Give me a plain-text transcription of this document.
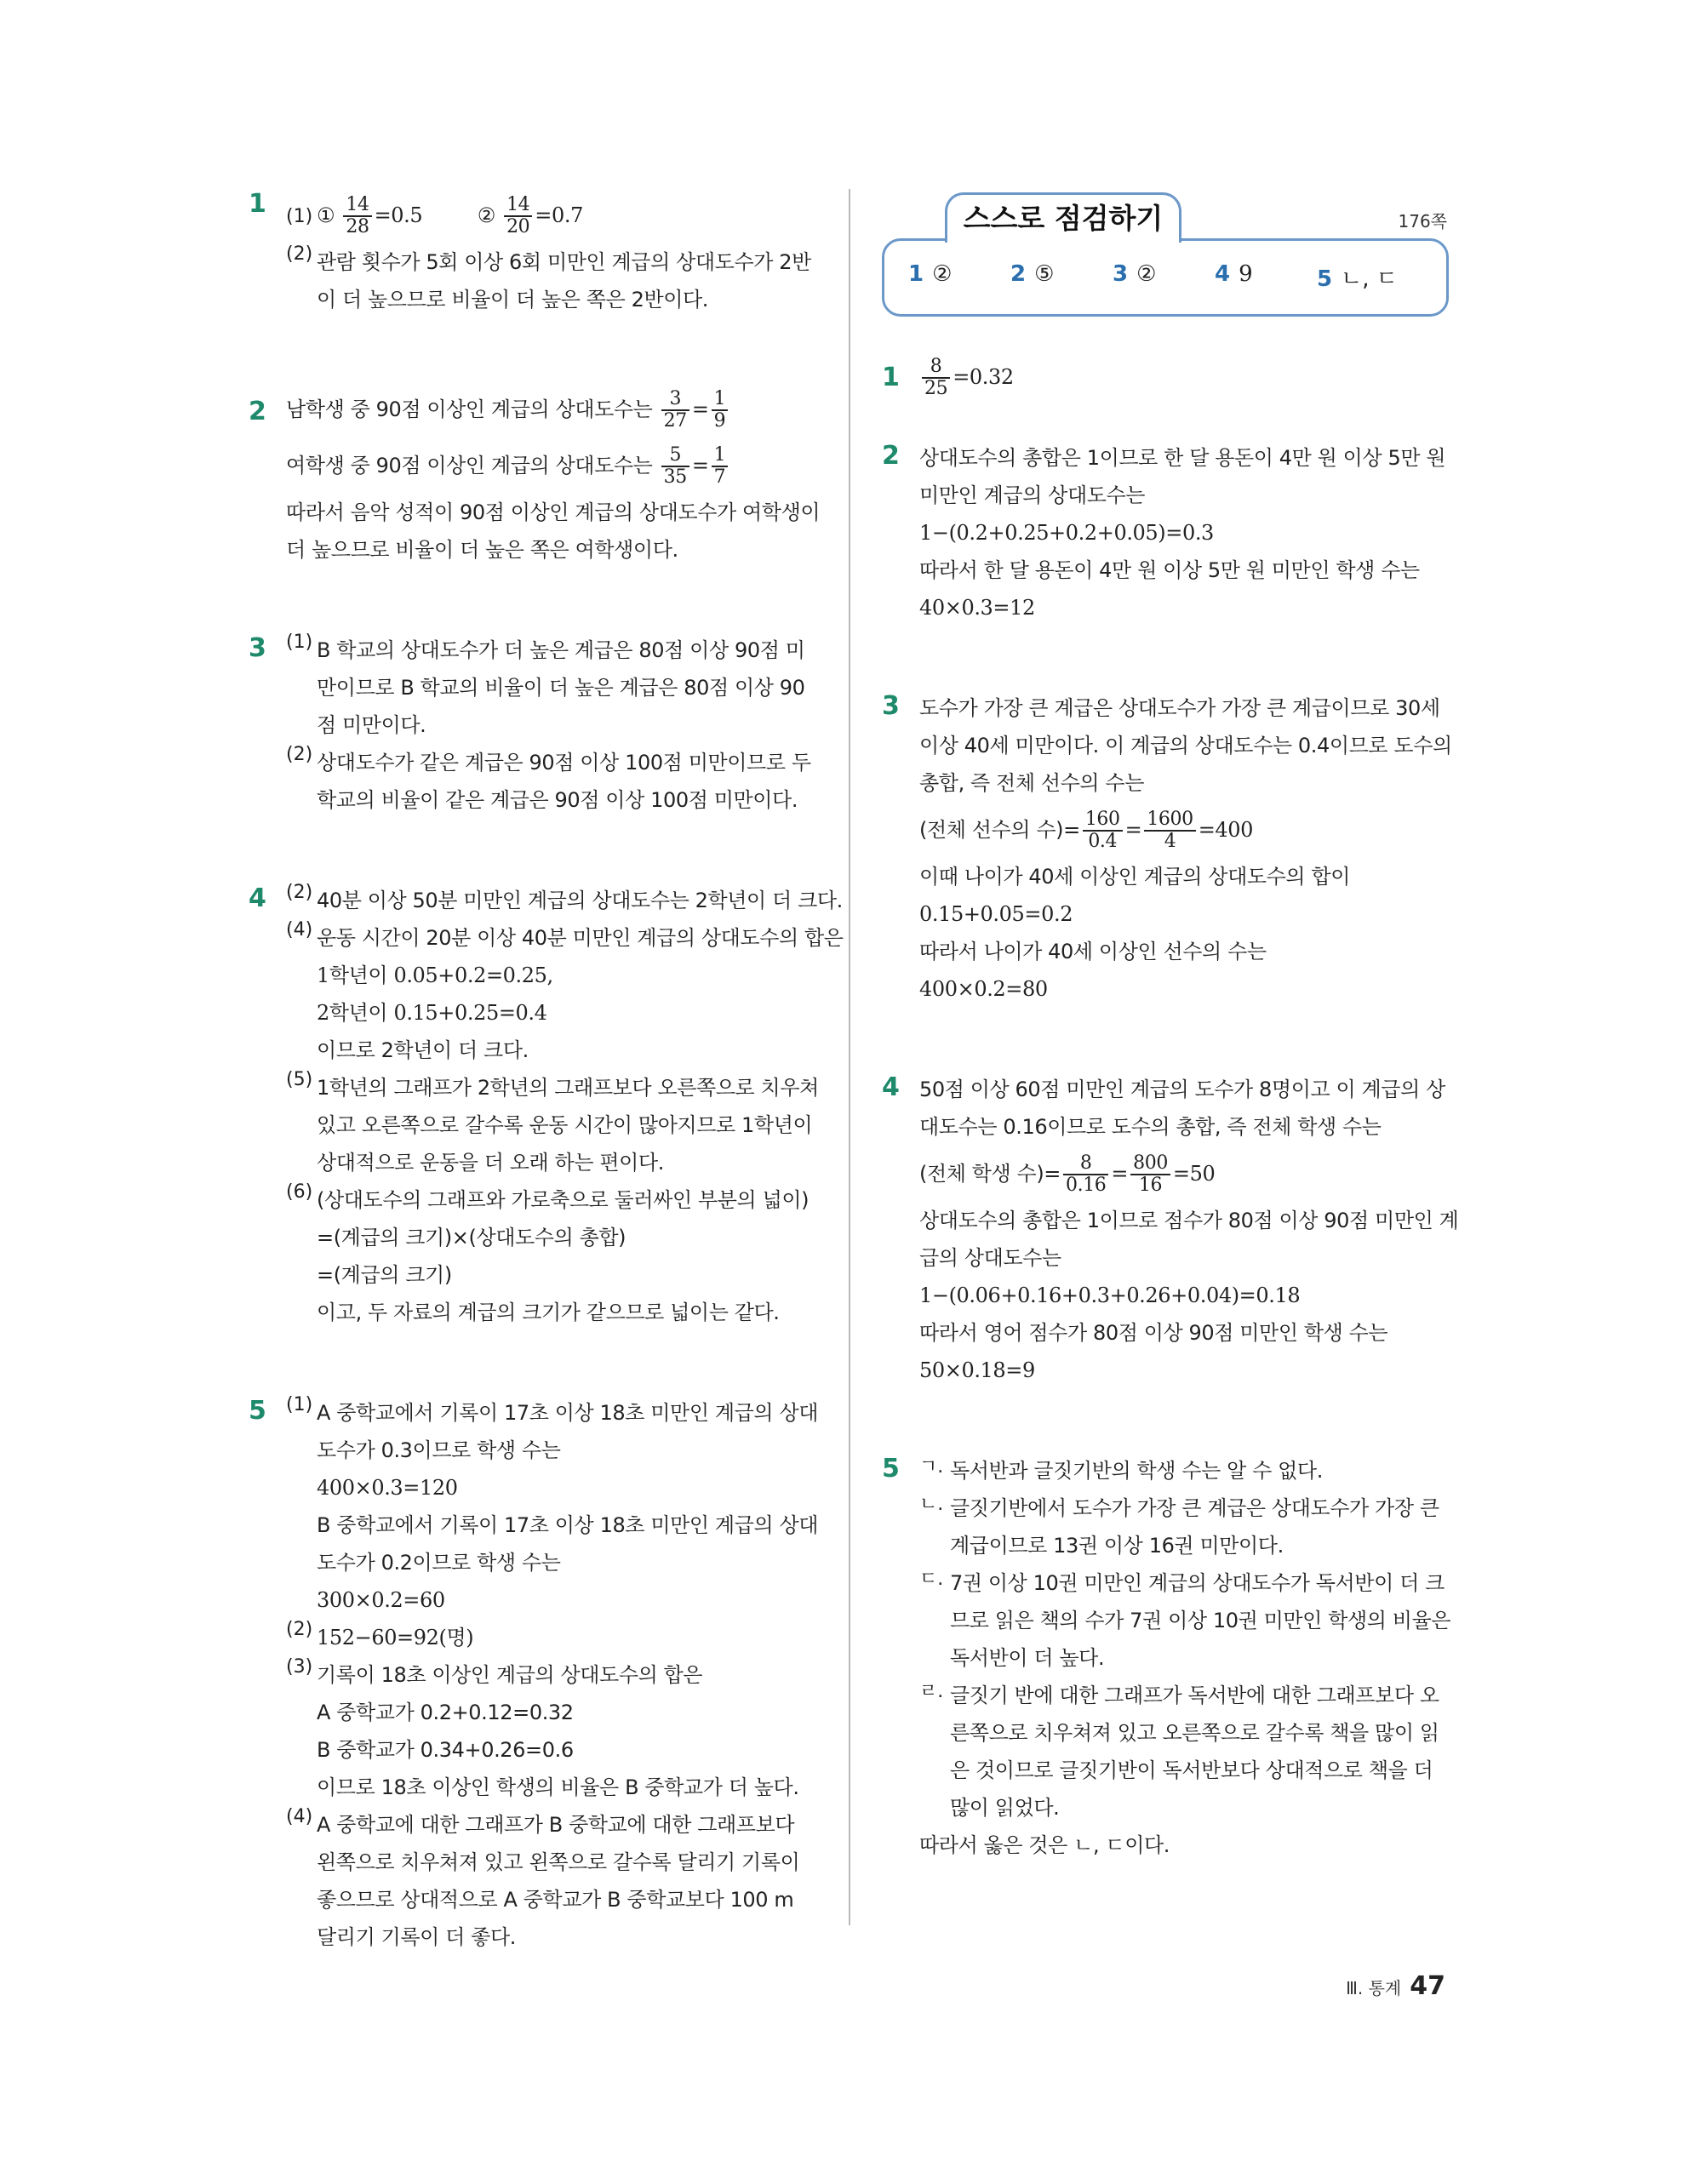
1 (1) ① $\frac{14}{28} =0.5$	② $\frac{14}{20} =0.7$
(2) 관람 횟수가 5회 이상 6회 미만인 계급의 상대도수가 2반
이 더 높으므로 비율이 더 높은 쪽은 2반이다.
2 남학생 중 90점 이상인 계급의 상대도수는 $\frac{3}{27} = \frac{1}{9}$
여학생 중 90점 이상인 계급의 상대도수는 $\frac{5}{35} = \frac{1}{7}$
따라서 음악 성적이 90점 이상인 계급의 상대도수가 여학생이
더 높으므로 비율이 더 높은 쪽은 여학생이다.
3 (1) B 학교의 상대도수가 더 높은 계급은 80점 이상 90점 미
만이므로 B 학교의 비율이 더 높은 계급은 80점 이상 90
점 미만이다.
(2) 상대도수가 같은 계급은 90점 이상 100점 미만이므로 두
학교의 비율이 같은 계급은 90점 이상 100점 미만이다.
4 (2) 40분 이상 50분 미만인 계급의 상대도수는 2학년이 더 크다.
(4) 운동 시간이 20분 이상 40분 미만인 계급의 상대도수의 합은
1학년이 0.05+0.2=0.25,
2학년이 0.15+0.25=0.4
이므로 2학년이 더 크다.
(5) 1학년의 그래프가 2학년의 그래프보다 오른쪽으로 치우쳐
있고 오른쪽으로 갈수록 운동 시간이 많아지므로 1학년이
상대적으로 운동을 더 오래 하는 편이다.
(6) (상대도수의 그래프와 가로축으로 둘러싸인 부분의 넓이)
=(계급의 크기)×(상대도수의 총합)
=(계급의 크기)
이고, 두 자료의 계급의 크기가 같으므로 넓이는 같다.
5 (1) A 중학교에서 기록이 17초 이상 18초 미만인 계급의 상대
도수가 0.3이므로 학생 수는
400×0.3=120
B 중학교에서 기록이 17초 이상 18초 미만인 계급의 상대
도수가 0.2이므로 학생 수는
300×0.2=60
(2) 152−60=92(명)
(3) 기록이 18초 이상인 계급의 상대도수의 합은
A 중학교가 0.2+0.12=0.32
B 중학교가 0.34+0.26=0.6
이므로 18초 이상인 학생의 비율은 B 중학교가 더 높다.
(4) A 중학교에 대한 그래프가 B 중학교에 대한 그래프보다
왼쪽으로 치우쳐져 있고 왼쪽으로 갈수록 달리기 기록이
좋으므로 상대적으로 A 중학교가 B 중학교보다 100 m
달리기 기록이 더 좋다.
스스로 점검하기	176쪽
1 ②	2 ⑤	3 ②	4 9	5 ㄴ, ㄷ
$1 \frac{8}{25} =0.32$
2 상대도수의 총합은 1이므로 한 달 용돈이 4만 원 이상 5만 원
미만인 계급의 상대도수는
1−(0.2+0.25+0.2+0.05)=0.3
따라서 한 달 용돈이 4만 원 이상 5만 원 미만인 학생 수는
40×0.3=12
3 도수가 가장 큰 계급은 상대도수가 가장 큰 계급이므로 30세
이상 40세 미만이다. 이 계급의 상대도수는 0.4이므로 도수의
총합, 즉 전체 선수의 수는
(전체 선수의 수)= $\frac{160}{0.4} = \frac{1600}{4} =400$
이때 나이가 40세 이상인 계급의 상대도수의 합이
0.15+0.05=0.2
따라서 나이가 40세 이상인 선수의 수는
400×0.2=80
4 50점 이상 60점 미만인 계급의 도수가 8명이고 이 계급의 상
대도수는 0.16이므로 도수의 총합, 즉 전체 학생 수는
(전체 학생 수)= $\frac{8}{0.16} = \frac{800}{16} =50$
상대도수의 총합은 1이므로 점수가 80점 이상 90점 미만인 계
급의 상대도수는
1−(0.06+0.16+0.3+0.26+0.04)=0.18
따라서 영어 점수가 80점 이상 90점 미만인 학생 수는
50×0.18=9
5 ㄱ. 독서반과 글짓기반의 학생 수는 알 수 없다.
ㄴ. 글짓기반에서 도수가 가장 큰 계급은 상대도수가 가장 큰
계급이므로 13권 이상 16권 미만이다.
ㄷ. 7권 이상 10권 미만인 계급의 상대도수가 독서반이 더 크
므로 읽은 책의 수가 7권 이상 10권 미만인 학생의 비율은
독서반이 더 높다.
ㄹ. 글짓기 반에 대한 그래프가 독서반에 대한 그래프보다 오
른쪽으로 치우쳐져 있고 오른쪽으로 갈수록 책을 많이 읽
은 것이므로 글짓기반이 독서반보다 상대적으로 책을 더
많이 읽었다.
따라서 옳은 것은 ㄴ, ㄷ이다.
Ⅲ. 통계 47
